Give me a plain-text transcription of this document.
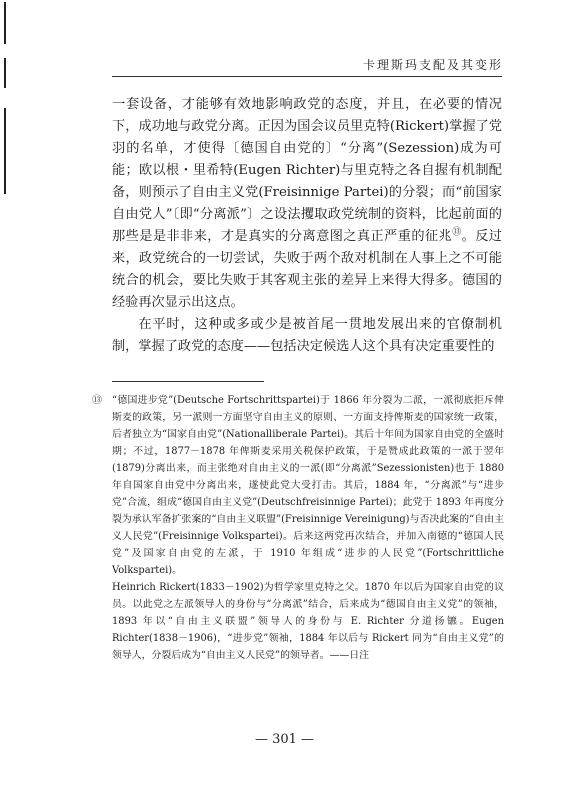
卡理斯玛支配及其变形

一套设备，才能够有效地影响政党的态度，并且，在必要的情况下，成功地与政党分离。正因为国会议员里克特(Rickert)掌握了党羽的名单，才使得〔德国自由党的〕“分离”(Sezession)成为可能；欧以根・里希特(Eugen Richter)与里克特之各自握有机制配备，则预示了自由主义党(Freisinnige Partei)的分裂；而“前国家自由党人”〔即“分离派”〕之设法攫取政党统制的资料，比起前面的那些是是非非来，才是真实的分离意图之真正严重的征兆⑬。反过来，政党统合的一切尝试，失败于两个敌对机制在人事上之不可能统合的机会，要比失败于其客观主张的差异上来得大得多。德国的经验再次显示出这点。

在平时，这种或多或少是被首尾一贯地发展出来的官僚制机制，掌握了政党的态度——包括决定候选人这个具有决定重要性的

⑬ “德国进步党”(Deutsche Fortschrittspartei)于 1866 年分裂为二派，一派彻底拒斥俾斯麦的政策，另一派则一方面坚守自由主义的原则、一方面支持俾斯麦的国家统一政策，后者独立为“国家自由党”(Nationalliberale Partei)。其后十年间为国家自由党的全盛时期；不过，1877－1878 年俾斯麦采用关税保护政策，于是赞成此政策的一派于翌年(1879)分离出来，而主张绝对自由主义的一派(即“分离派”Sezessionisten)也于 1880 年自国家自由党中分离出来，遂使此党大受打击。其后，1884 年，“分离派”与“进步党”合流，组成“德国自由主义党”(Deutschfreisinnige Partei)；此党于 1893 年再度分裂为承认军备扩张案的“自由主义联盟”(Freisinnige Vereinigung)与否决此案的“自由主义人民党”(Freisinnige Volkspartei)。后来这两党再次结合，并加入南德的“德国人民党”及国家自由党的左派，于 1910 年组成“进步的人民党”(Fortschrittliche Volkspartei)。

Heinrich Rickert(1833－1902)为哲学家里克特之父。1870 年以后为国家自由党的议员。以此党之左派领导人的身份与“分离派”结合，后来成为“德国自由主义党”的领袖，1893 年以“自由主义联盟”领导人的身份与 E. Richter 分道扬镳。Eugen Richter(1838－1906)，“进步党”领袖，1884 年以后与 Rickert 同为“自由主义党”的领导人，分裂后成为“自由主义人民党”的领导者。——日注

— 301 —
